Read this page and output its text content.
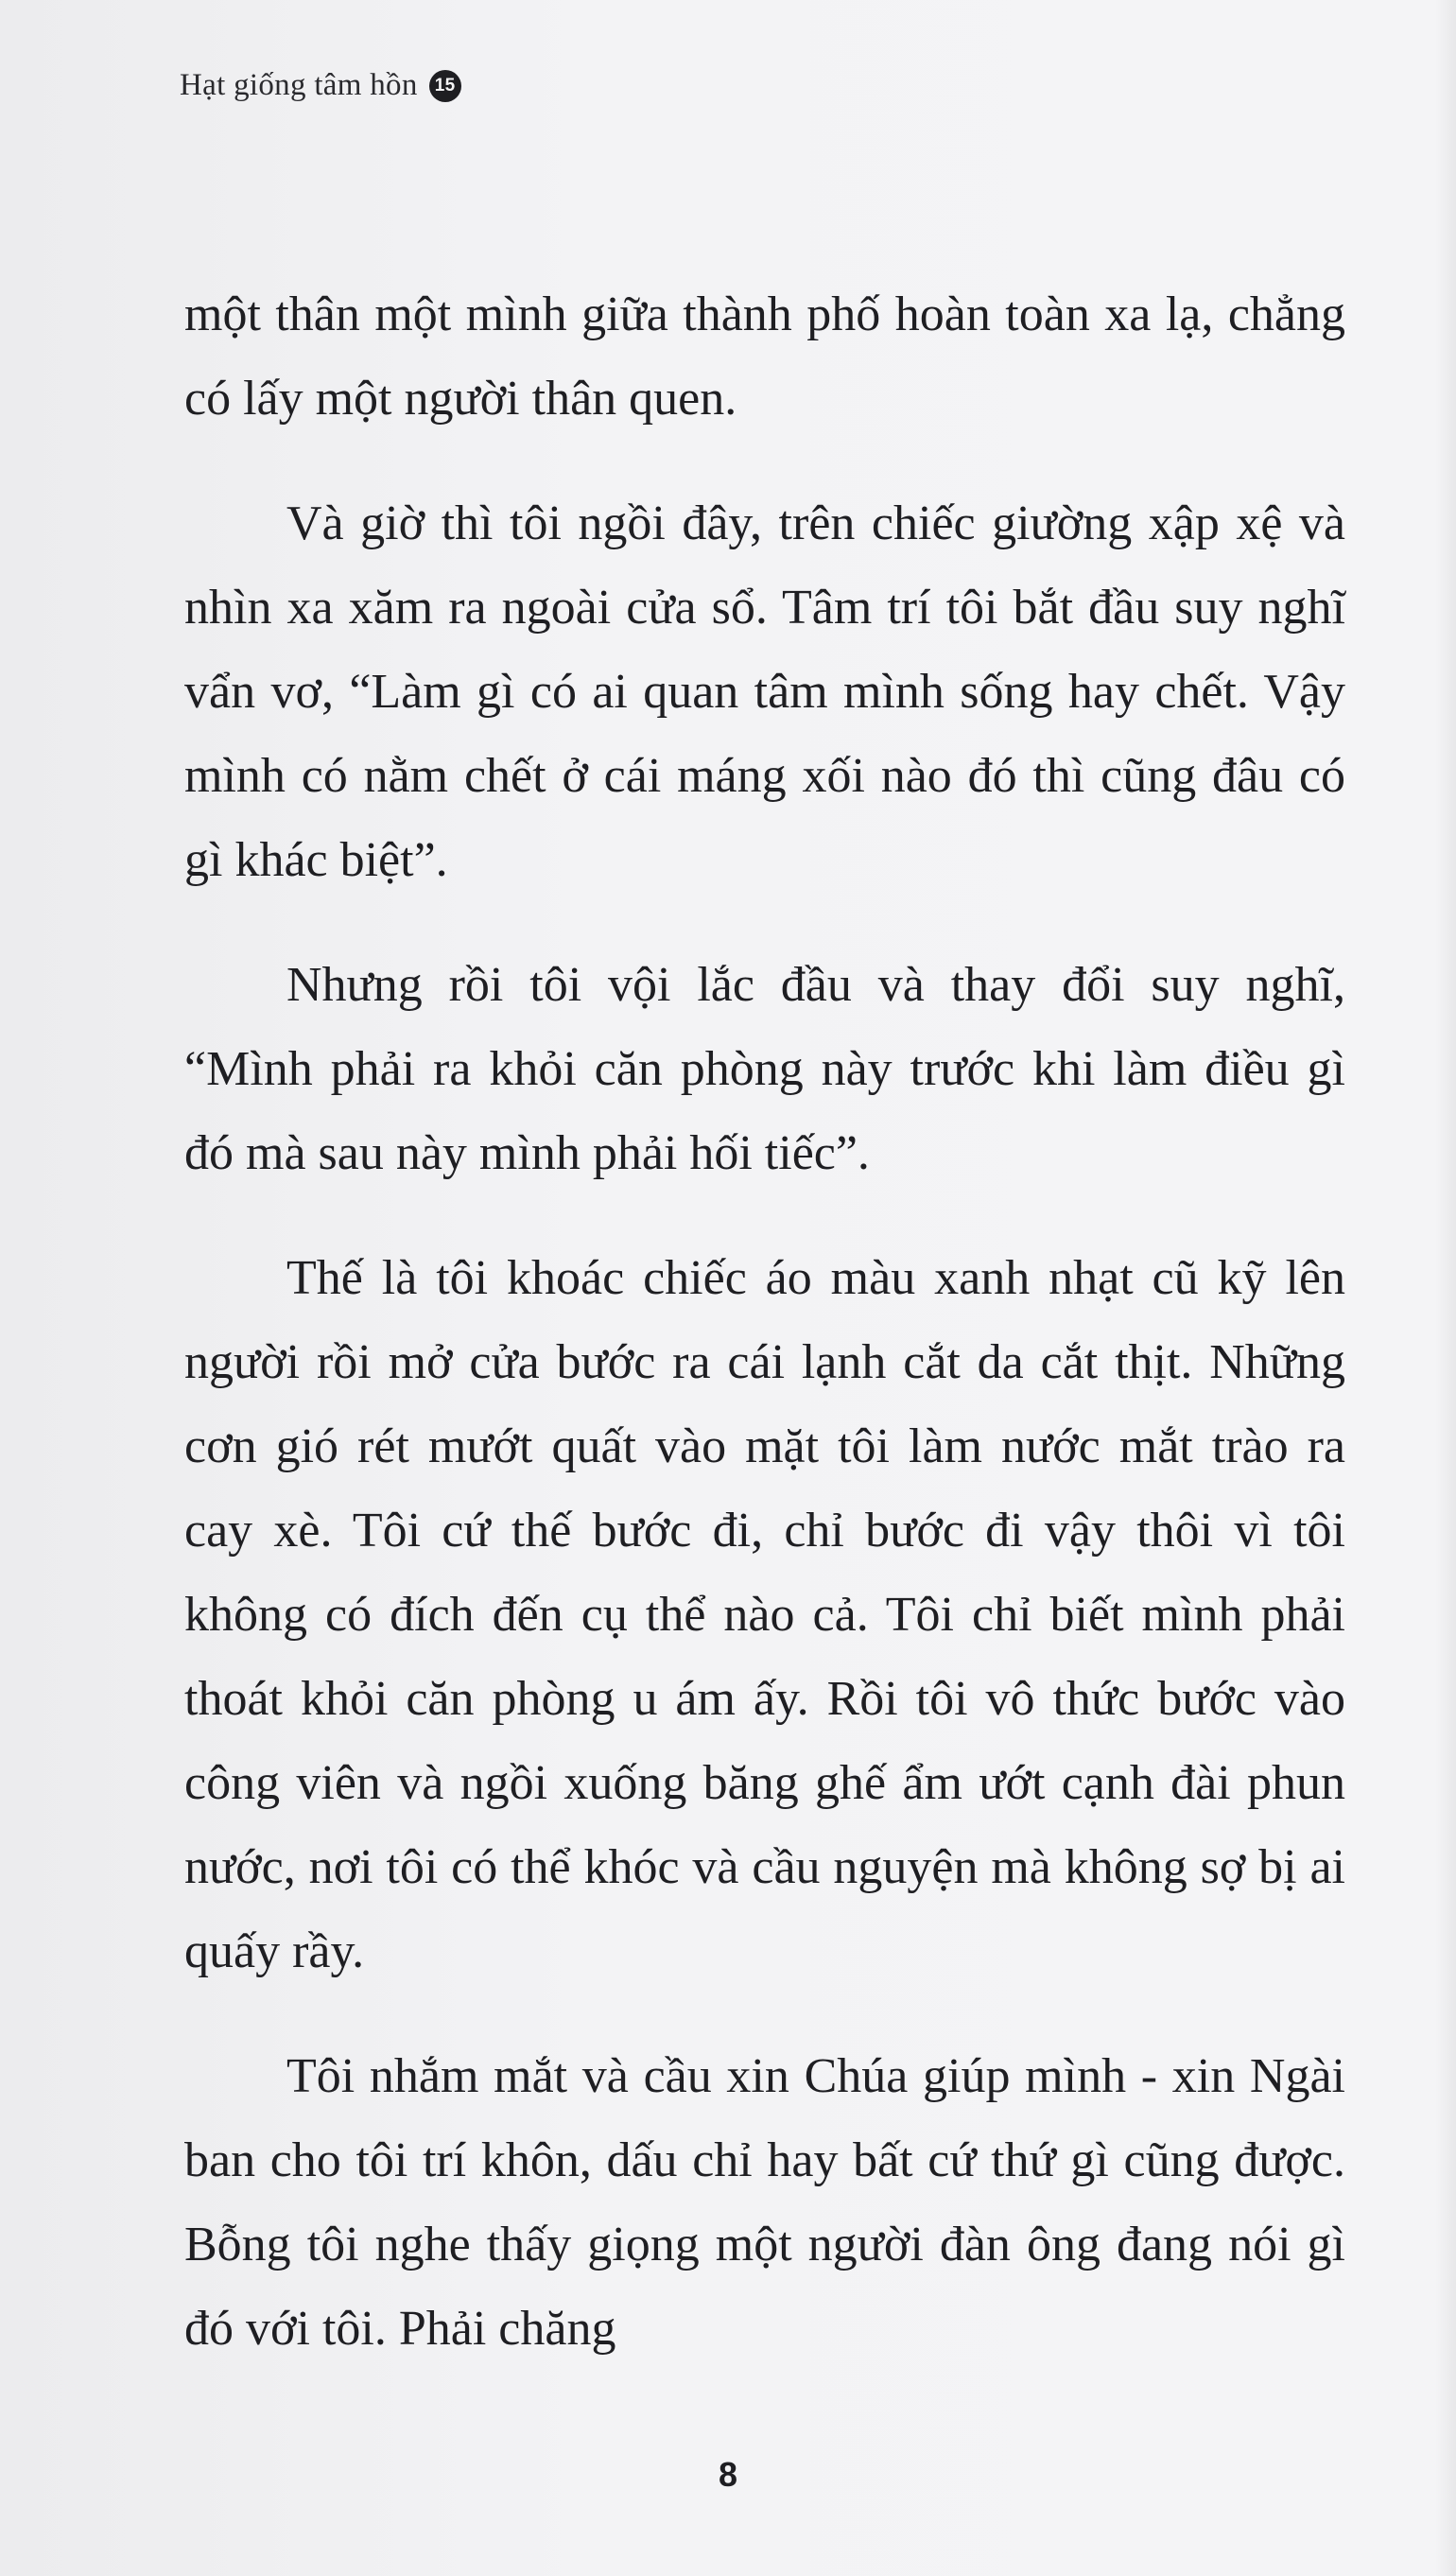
Hạt giống tâm hồn 15

một thân một mình giữa thành phố hoàn toàn xa lạ, chẳng có lấy một người thân quen.

Và giờ thì tôi ngồi đây, trên chiếc giường xập xệ và nhìn xa xăm ra ngoài cửa sổ. Tâm trí tôi bắt đầu suy nghĩ vẩn vơ, “Làm gì có ai quan tâm mình sống hay chết. Vậy mình có nằm chết ở cái máng xối nào đó thì cũng đâu có gì khác biệt”.

Nhưng rồi tôi vội lắc đầu và thay đổi suy nghĩ, “Mình phải ra khỏi căn phòng này trước khi làm điều gì đó mà sau này mình phải hối tiếc”.

Thế là tôi khoác chiếc áo màu xanh nhạt cũ kỹ lên người rồi mở cửa bước ra cái lạnh cắt da cắt thịt. Những cơn gió rét mướt quất vào mặt tôi làm nước mắt trào ra cay xè. Tôi cứ thế bước đi, chỉ bước đi vậy thôi vì tôi không có đích đến cụ thể nào cả. Tôi chỉ biết mình phải thoát khỏi căn phòng u ám ấy. Rồi tôi vô thức bước vào công viên và ngồi xuống băng ghế ẩm ướt cạnh đài phun nước, nơi tôi có thể khóc và cầu nguyện mà không sợ bị ai quấy rầy.

Tôi nhắm mắt và cầu xin Chúa giúp mình - xin Ngài ban cho tôi trí khôn, dấu chỉ hay bất cứ thứ gì cũng được. Bỗng tôi nghe thấy giọng một người đàn ông đang nói gì đó với tôi. Phải chăng

8
